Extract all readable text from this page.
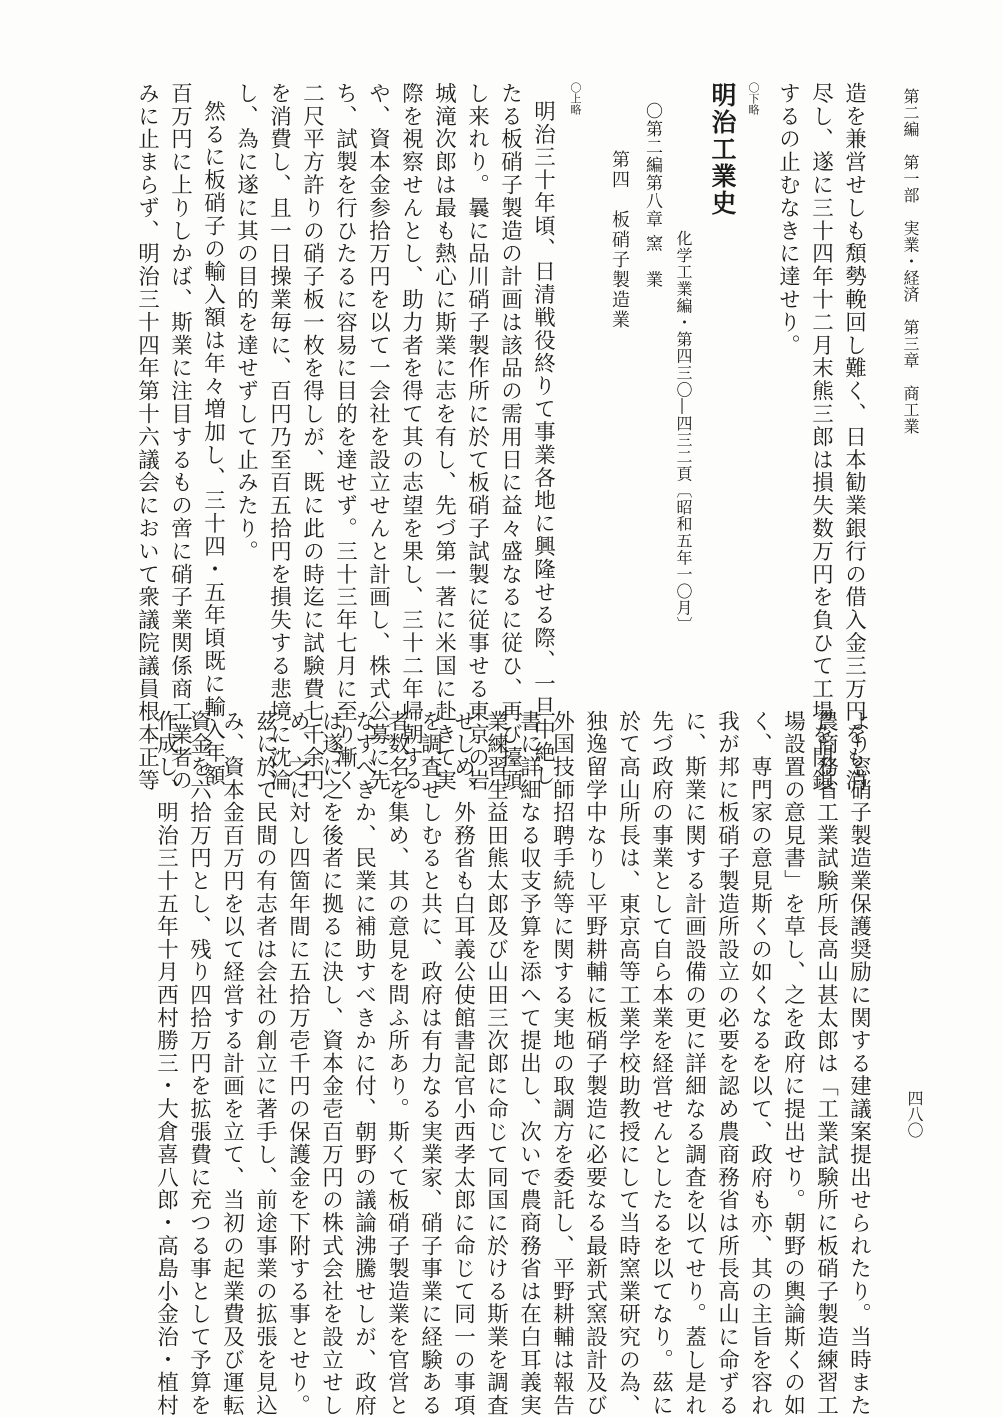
第二編　第一部　実業・経済　第三章　商工業
四八〇
造を兼営せしも頽勢輓回し難く、日本勧業銀行の借入金三万円をも消
尽し、遂に三十四年十二月末熊三郎は損失数万円を負ひて工場を閉鎖
するの止むなきに達せり。
〇下略
明治工業史
化学工業編・第四三〇―四三二頁〔昭和五年一〇月〕
〇第二編第八章 窯　業
第四　板硝子製造業
〇上略
明治三十年頃、日清戦役終りて事業各地に興隆せる際、一旦中絶し
たる板硝子製造の計画は該品の需用日に益々盛なるに従ひ、再び擡頭
し来れり。曩に品川硝子製作所に於て板硝子試製に従事せる東京の岩
城滝次郎は最も熱心に斯業に志を有し、先づ第一著に米国に赴きて実
際を視察せんとし、助力者を得て其の志望を果し、三十二年帰朝する
や、資本金参拾万円を以て一会社を設立せんと計画し、株式公募に先
ち、試製を行ひたるに容易に目的を達せず。三十三年七月に至り漸く
二尺平方許りの硝子板一枚を得しが、既に此の時迄に試験費七千余円
を消費し、且一日操業毎に、百円乃至百五拾円を損失する悲境に沈淪
し、為に遂に其の目的を達せずして止みたり。
然るに板硝子の輸入額は年々増加し、三十四・五年頃既に輸入年額
百万円に上りしかば、斯業に注目するもの啻に硝子業関係商工業者の
みに止まらず、明治三十四年第十六議会において衆議院議員根本正等
より窓硝子製造業保護奨励に関する建議案提出せられたり。当時また
農商務省工業試験所長高山甚太郎は「工業試験所に板硝子製造練習工
場設置の意見書」を草し、之を政府に提出せり。朝野の輿論斯くの如
く、専門家の意見斯くの如くなるを以て、政府も亦、其の主旨を容れ
我が邦に板硝子製造所設立の必要を認め農商務省は所長高山に命ずる
に、斯業に関する計画設備の更に詳細なる調査を以てせり。蓋し是れ
先づ政府の事業として自ら本業を経営せんとしたるを以てなり。茲に
於て高山所長は、東京高等工業学校助教授にして当時窯業研究の為、
独逸留学中なりし平野耕輔に板硝子製造に必要なる最新式窯設計及び
外国技師招聘手続等に関する実地の取調方を委託し、平野耕輔は報告
書に詳細なる収支予算を添へて提出し、次いで農商務省は在白耳義実
業練習生益田熊太郎及び山田三次郎に命じて同国に於ける斯業を調査
せしめ、外務省も白耳義公使館書記官小西孝太郎に命じて同一の事項
を調査せしむると共に、政府は有力なる実業家、硝子事業に経験ある
者数名を集め、其の意見を問ふ所あり。斯くて板硝子製造業を官営と
なすべきか、民業に補助すべきかに付、朝野の議論沸騰せしが、政府
は遂に之を後者に拠るに決し、資本金壱百万円の株式会社を設立せし
め、之に対し四箇年間に五拾万壱千円の保護金を下附する事とせり。
茲に於て民間の有志者は会社の創立に著手し、前途事業の拡張を見込
み、資本金百万円を以て経営する計画を立て、当初の起業費及び運転
資金を六拾万円とし、残り四拾万円を拡張費に充つる事として予算を
作成し、明治三十五年十月西村勝三・大倉喜八郎・高島小金治・植村
